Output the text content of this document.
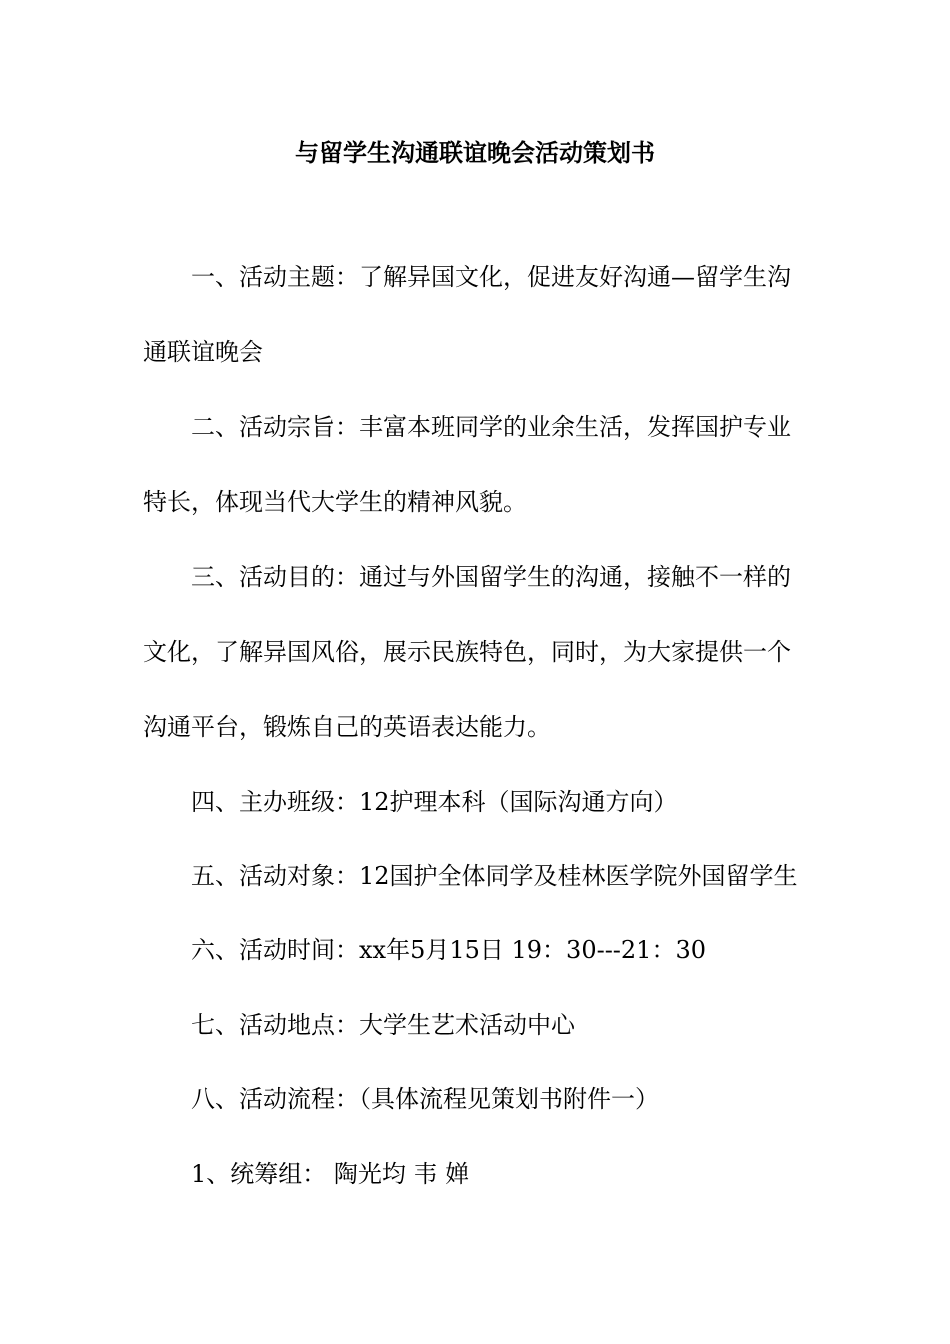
与留学生沟通联谊晚会活动策划书
一、活动主题：了解异国文化，促进友好沟通—留学生沟
通联谊晚会
二、活动宗旨：丰富本班同学的业余生活，发挥国护专业
特长，体现当代大学生的精神风貌。
三、活动目的：通过与外国留学生的沟通，接触不一样的
文化，了解异国风俗，展示民族特色，同时，为大家提供一个
沟通平台，锻炼自己的英语表达能力。
四、主办班级：12护理本科（国际沟通方向）
五、活动对象：12国护全体同学及桂林医学院外国留学生
六、活动时间：xx年5月15日 19：30---21：30
七、活动地点：大学生艺术活动中心
八、活动流程：（具体流程见策划书附件一）
1、统筹组： 陶光均 韦 婵
